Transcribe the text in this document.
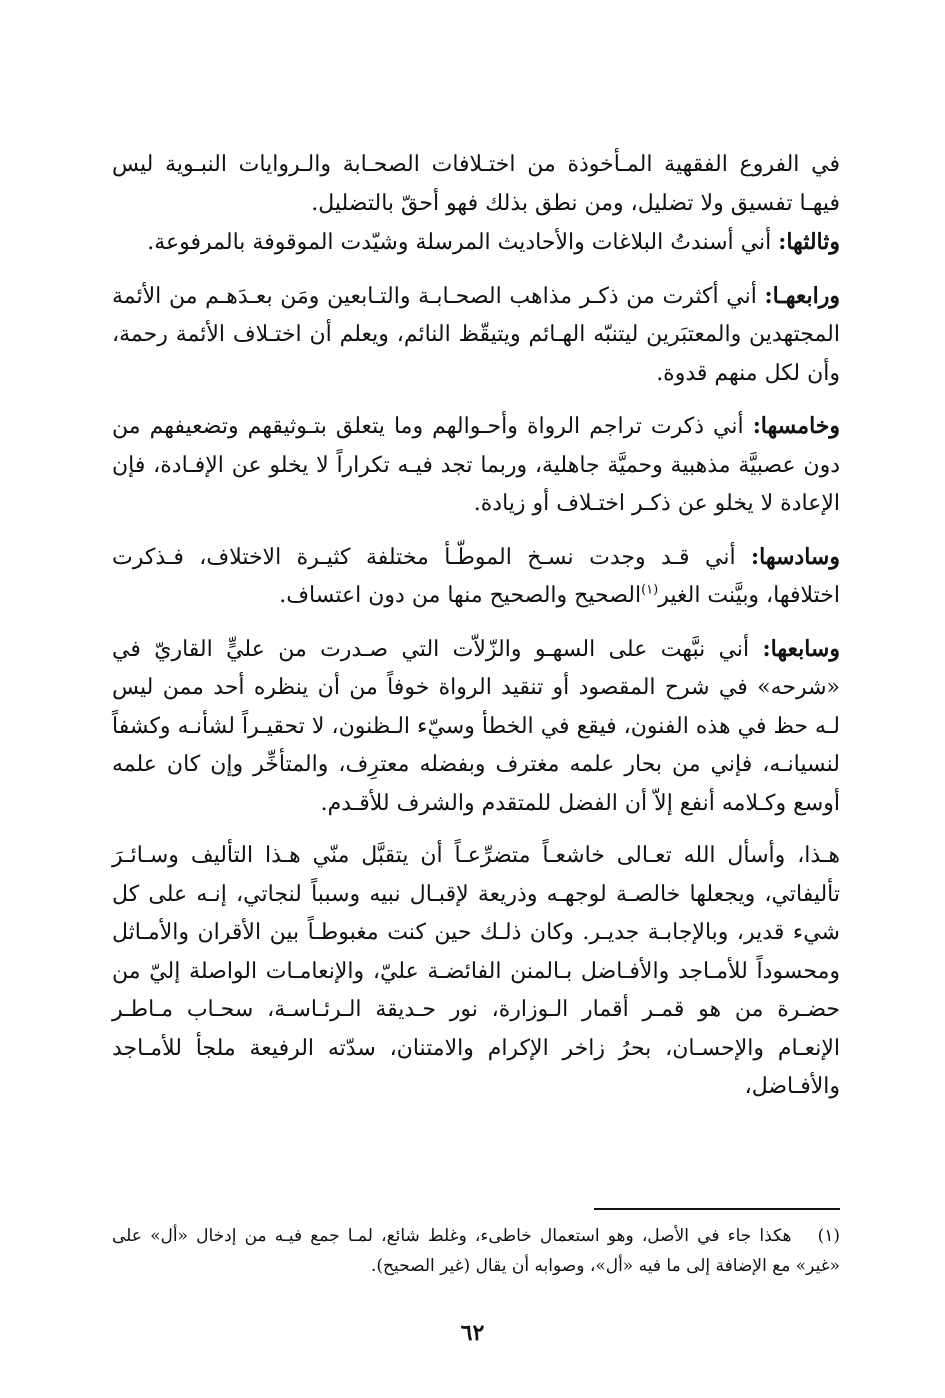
في الفروع الفقهية المـأخوذة من اختـلافات الصحـابة والـروايات النبـوية ليس فيهـا تفسيق ولا تضليل، ومن نطق بذلك فهو أحقّ بالتضليل.

وثالثها: أني أسندتُ البلاغات والأحاديث المرسلة وشيّدت الموقوفة بالمرفوعة.

ورابعهـا: أني أكثرت من ذكـر مذاهب الصحـابـة والتـابعين ومَن بعـدَهـم من الأئمة المجتهدين والمعتبَرين ليتنبّه الهـائم ويتيقّظ النائم، ويعلم أن اختـلاف الأئمة رحمة، وأن لكل منهم قدوة.

وخامسها: أني ذكرت تراجم الرواة وأحـوالهم وما يتعلق بتـوثيقهم وتضعيفهم من دون عصبيَّة مذهبية وحميَّة جاهلية، وربما تجد فيـه تكراراً لا يخلو عن الإفـادة، فإن الإعادة لا يخلو عن ذكـر اختـلاف أو زيادة.

وسادسها: أني قـد وجدت نسـخ الموطّـأ مختلفة كثيـرة الاختلاف، فـذكرت اختلافها، وبيَّنت الغير$^{(١)}$الصحيح والصحيح منها من دون اعتساف.

وسابعها: أني نبَّهت على السهـو والزّلاّت التي صـدرت من عليٍّ القاريّ في «شرحه» في شرح المقصود أو تنقيد الرواة خوفاً من أن ينظره أحد ممن ليس لـه حظ في هذه الفنون، فيقع في الخطأ وسيّء الـظنون، لا تحقيـراً لشأنـه وكشفاً لنسيانـه، فإني من بحار علمه مغترف وبفضله معترِف، والمتأخِّر وإن كان علمه أوسع وكـلامه أنفع إلاّ أن الفضل للمتقدم والشرف للأقـدم.

هـذا، وأسأل الله تعـالى خاشعـاً متضرِّعـاً أن يتقبَّل منّي هـذا التأليف وسـائـرَ تأليفاتي، ويجعلها خالصـة لوجهـه وذريعة لإقبـال نبيه وسبباً لنجاتي، إنـه على كل شيء قدير، وبالإجابـة جديـر. وكان ذلـك حين كنت مغبوطـاً بين الأقران والأمـاثل ومحسوداً للأمـاجد والأفـاضل بـالمنن الفائضـة عليّ، والإنعامـات الواصلة إليّ من حضـرة من هو قمـر أقمار الـوزارة، نور حـديقة الـرئـاسـة، سحـاب مـاطـر الإنعـام والإحسـان، بحرُ زاخر الإكرام والامتنان، سدّته الرفيعة ملجأ للأمـاجد والأفـاضل،

(١) هكذا جاء في الأصل، وهو استعمال خاطىء، وغلط شائع، لمـا جمع فيـه من إدخال «أل» على «غير» مع الإضافة إلى ما فيه «أل»، وصوابه أن يقال (غير الصحيح).
٦٢
